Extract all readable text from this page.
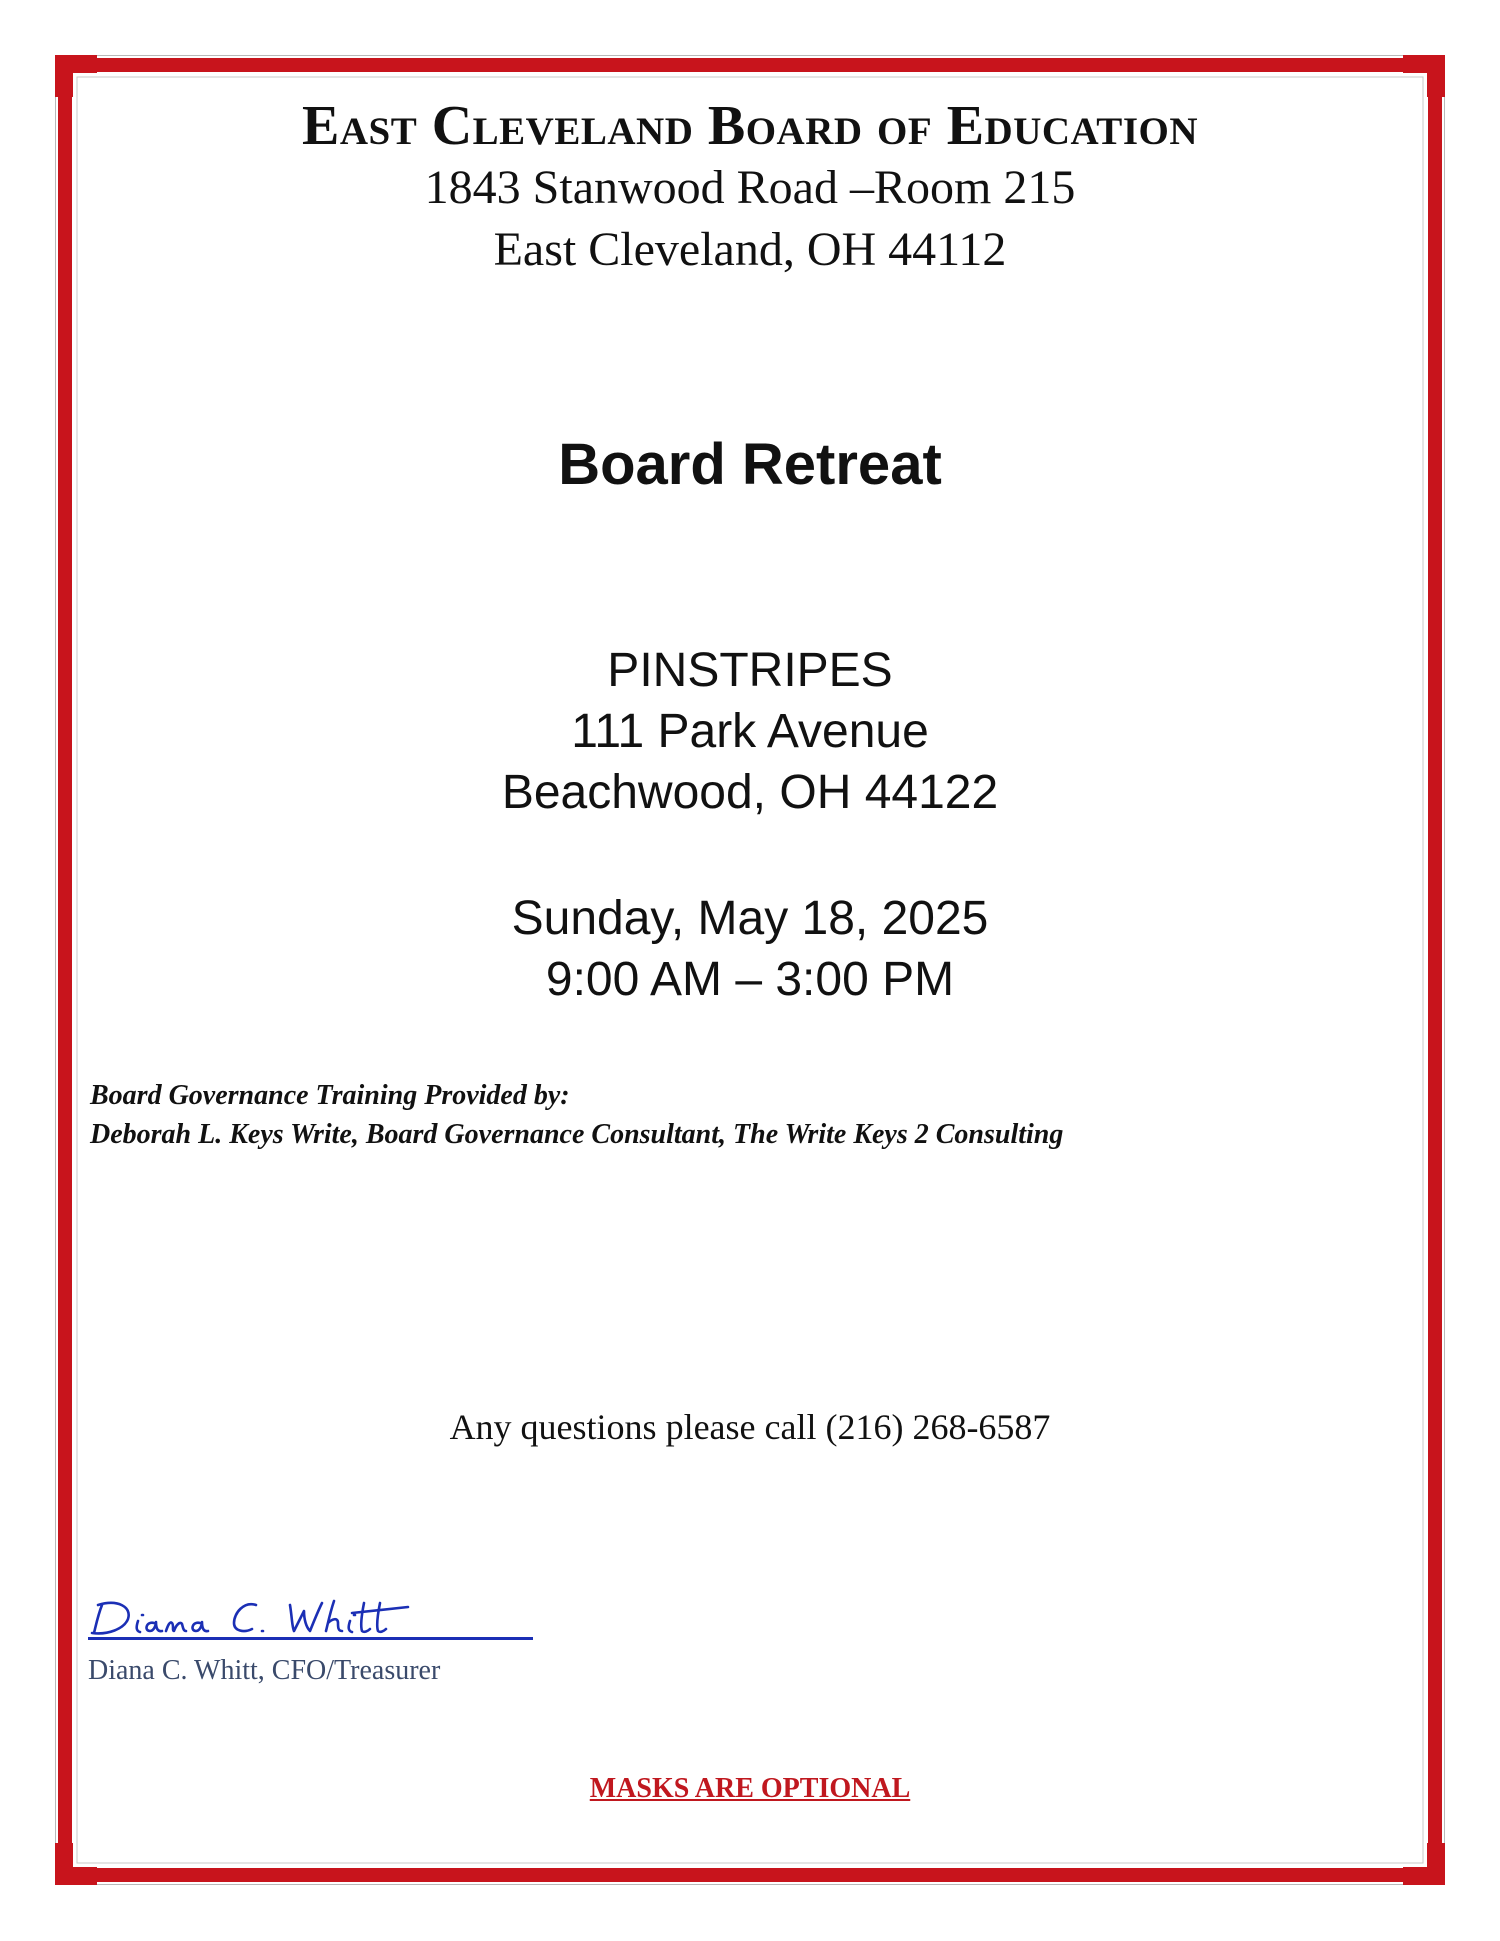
East Cleveland Board of Education
1843 Stanwood Road –Room 215
East Cleveland, OH 44112
Board Retreat
PINSTRIPES
111 Park Avenue
Beachwood, OH 44122
Sunday, May 18, 2025
9:00 AM – 3:00 PM
Board Governance Training Provided by:
Deborah L. Keys Write, Board Governance Consultant, The Write Keys 2 Consulting
Any questions please call (216) 268-6587
Diana C. Whitt, CFO/Treasurer
MASKS ARE OPTIONAL
